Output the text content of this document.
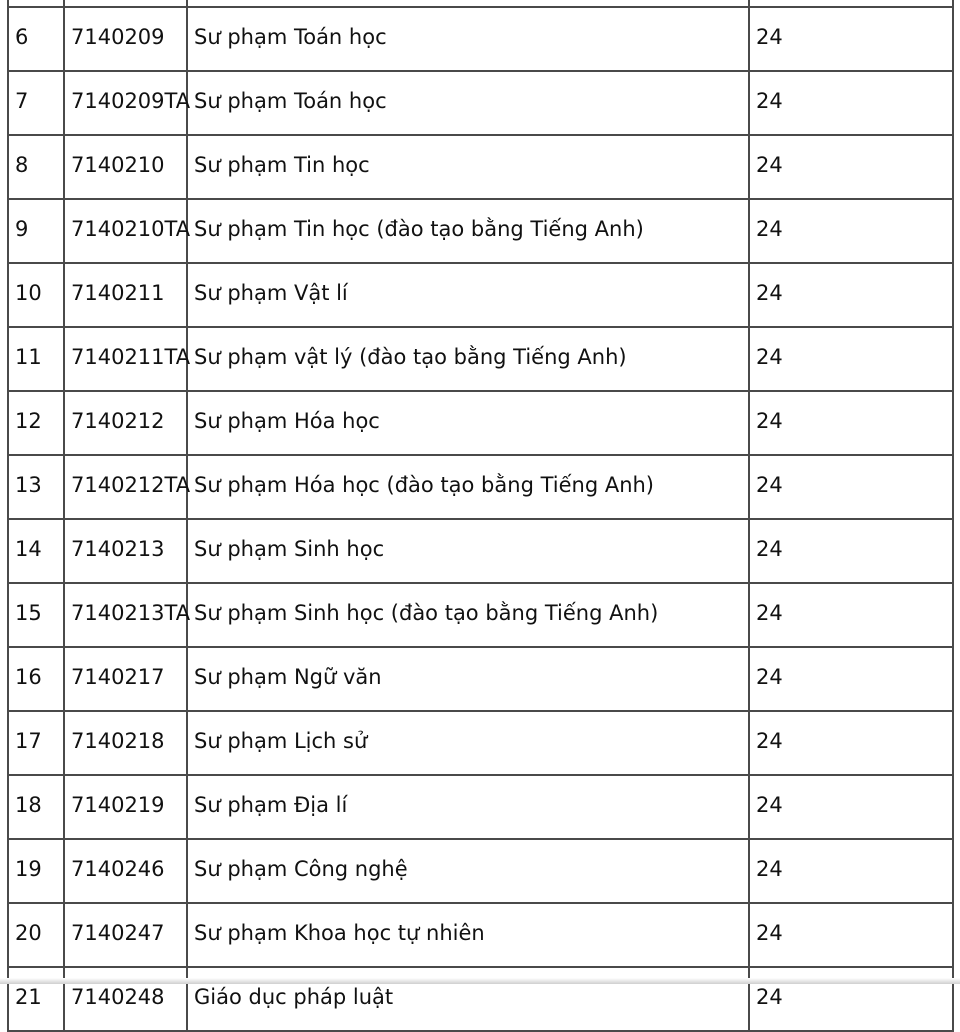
6	7140209	Sư phạm Toán học	24
7	7140209TA	Sư phạm Toán học	24
8	7140210	Sư phạm Tin học	24
9	7140210TA	Sư phạm Tin học (đào tạo bằng Tiếng Anh)	24
10	7140211	Sư phạm Vật lí	24
11	7140211TA	Sư phạm vật lý (đào tạo bằng Tiếng Anh)	24
12	7140212	Sư phạm Hóa học	24
13	7140212TA	Sư phạm Hóa học (đào tạo bằng Tiếng Anh)	24
14	7140213	Sư phạm Sinh học	24
15	7140213TA	Sư phạm Sinh học (đào tạo bằng Tiếng Anh)	24
16	7140217	Sư phạm Ngữ văn	24
17	7140218	Sư phạm Lịch sử	24
18	7140219	Sư phạm Địa lí	24
19	7140246	Sư phạm Công nghệ	24
20	7140247	Sư phạm Khoa học tự nhiên	24
21	7140248	Giáo dục pháp luật	24
